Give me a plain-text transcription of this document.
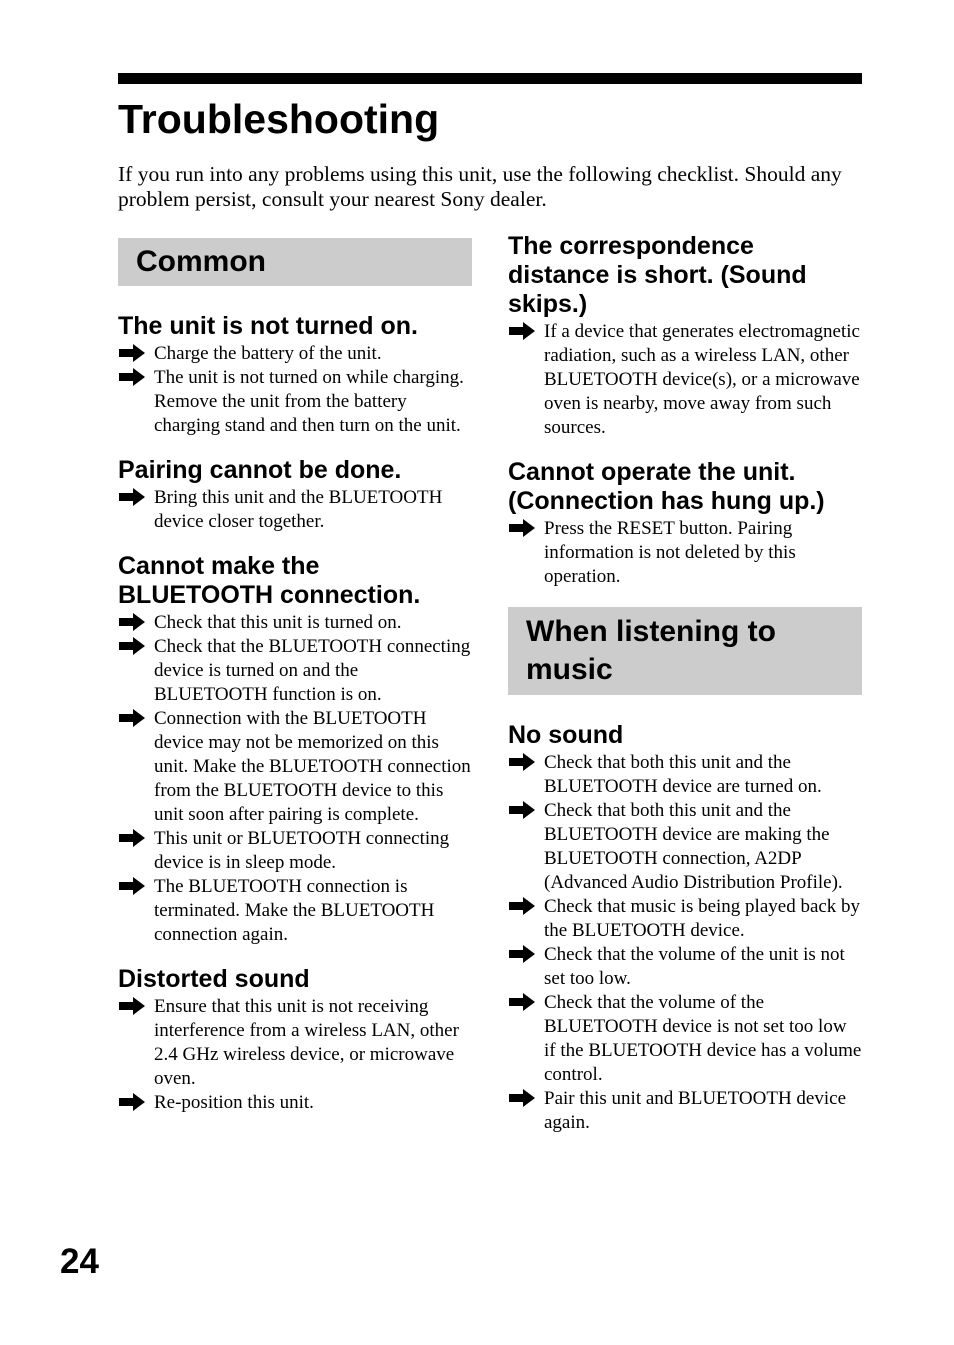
Troubleshooting

If you run into any problems using this unit, use the following checklist. Should any problem persist, consult your nearest Sony dealer.

Common
The unit is not turned on.
Charge the battery of the unit.
The unit is not turned on while charging. Remove the unit from the battery charging stand and then turn on the unit.
Pairing cannot be done.
Bring this unit and the BLUETOOTH device closer together.
Cannot make the BLUETOOTH connection.
Check that this unit is turned on.
Check that the BLUETOOTH connecting device is turned on and the BLUETOOTH function is on.
Connection with the BLUETOOTH device may not be memorized on this unit. Make the BLUETOOTH connection from the BLUETOOTH device to this unit soon after pairing is complete.
This unit or BLUETOOTH connecting device is in sleep mode.
The BLUETOOTH connection is terminated. Make the BLUETOOTH connection again.
Distorted sound
Ensure that this unit is not receiving interference from a wireless LAN, other 2.4 GHz wireless device, or microwave oven.
Re-position this unit.
The correspondence distance is short. (Sound skips.)
If a device that generates electromagnetic radiation, such as a wireless LAN, other BLUETOOTH device(s), or a microwave oven is nearby, move away from such sources.
Cannot operate the unit. (Connection has hung up.)
Press the RESET button. Pairing information is not deleted by this operation.
When listening to music
No sound
Check that both this unit and the BLUETOOTH device are turned on.
Check that both this unit and the BLUETOOTH device are making the BLUETOOTH connection, A2DP (Advanced Audio Distribution Profile).
Check that music is being played back by the BLUETOOTH device.
Check that the volume of the unit is not set too low.
Check that the volume of the BLUETOOTH device is not set too low if the BLUETOOTH device has a volume control.
Pair this unit and BLUETOOTH device again.
24
